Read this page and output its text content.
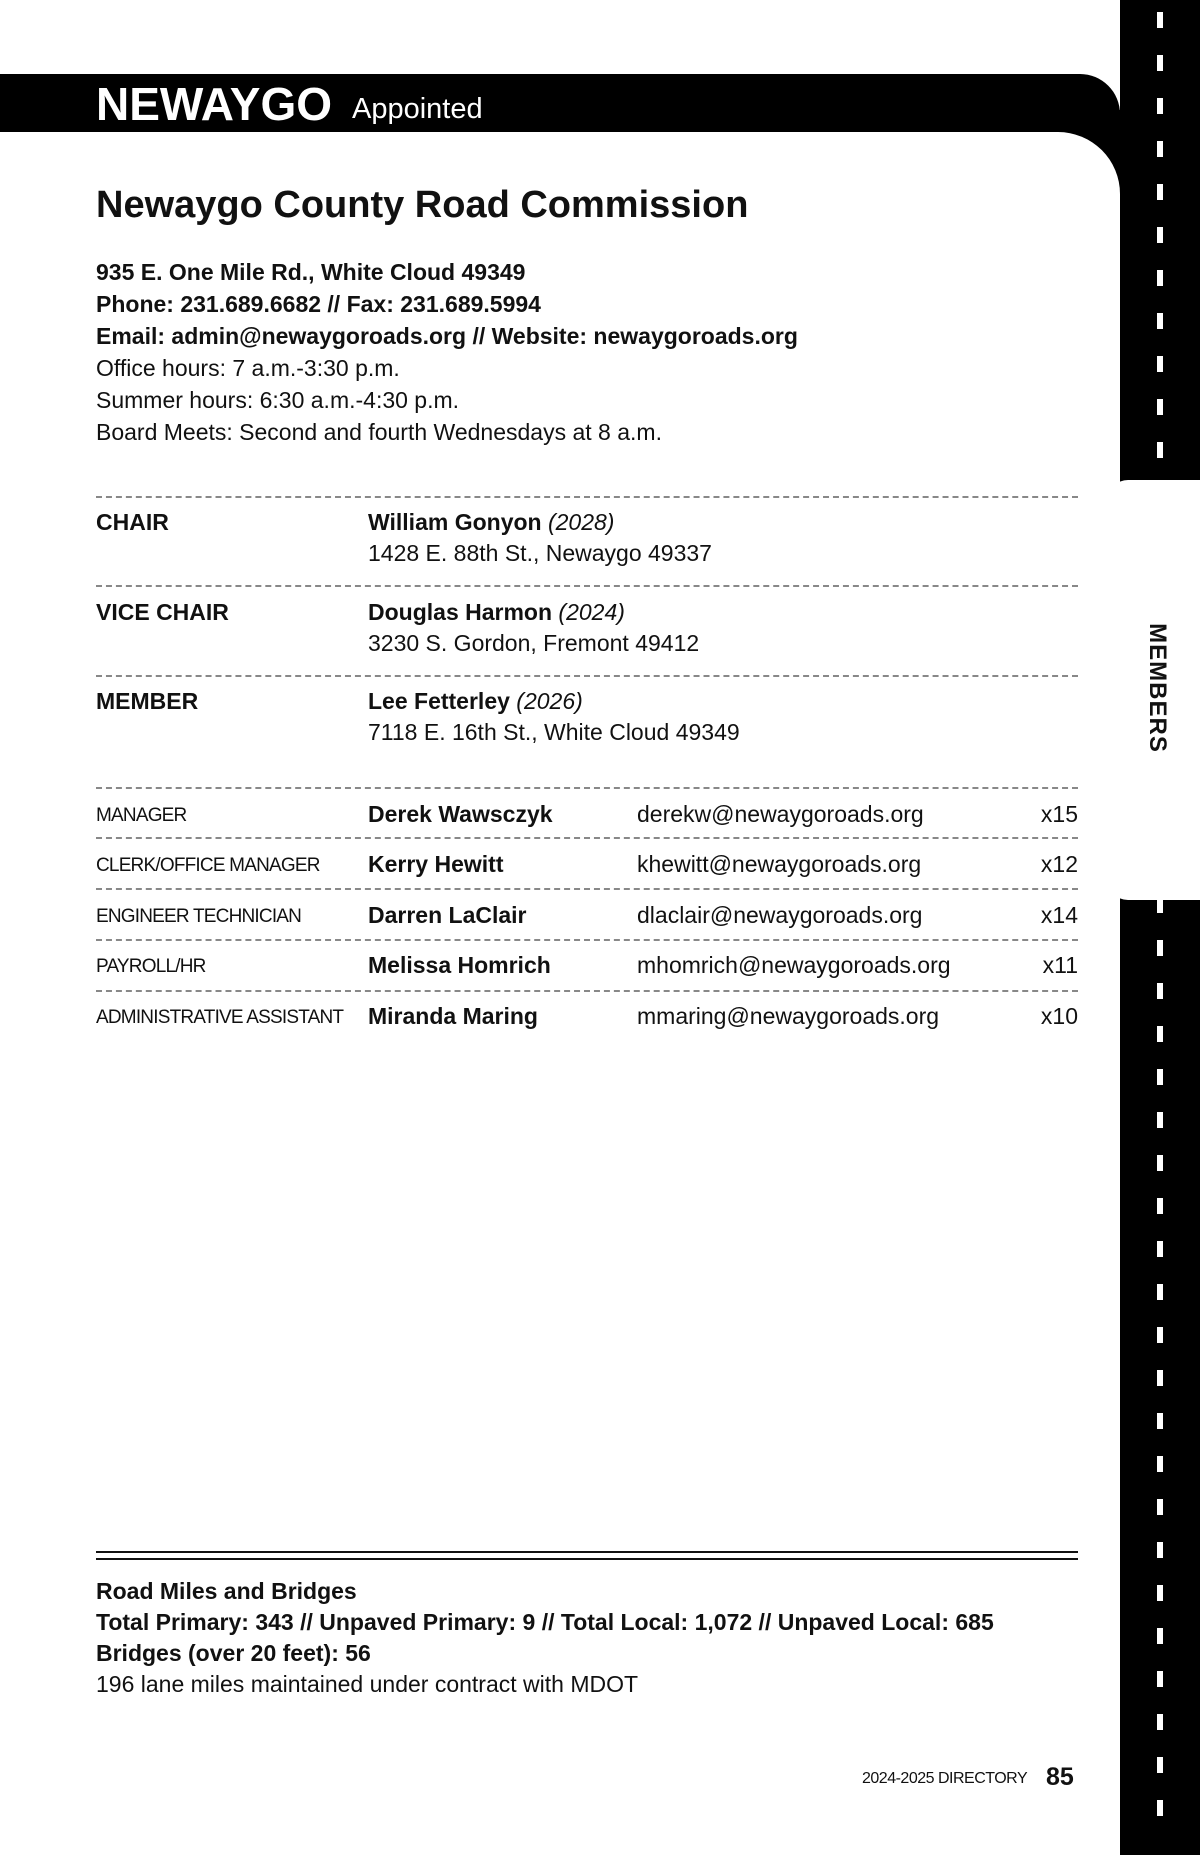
MEMBERS
NEWAYGO Appointed
Newaygo County Road Commission
935 E. One Mile Rd., White Cloud 49349
Phone: 231.689.6682 // Fax: 231.689.5994
Email: admin@newaygoroads.org // Website: newaygoroads.org
Office hours: 7 a.m.-3:30 p.m.
Summer hours: 6:30 a.m.-4:30 p.m.
Board Meets: Second and fourth Wednesdays at 8 a.m.
CHAIR	William Gonyon (2028)
1428 E. 88th St., Newaygo 49337
VICE CHAIR	Douglas Harmon (2024)
3230 S. Gordon, Fremont 49412
MEMBER	Lee Fetterley (2026)
7118 E. 16th St., White Cloud 49349
MANAGER	Derek Wawsczyk	derekw@newaygoroads.org	x15
CLERK/OFFICE MANAGER Kerry Hewitt	khewitt@newaygoroads.org	x12
ENGINEER TECHNICIAN	Darren LaClair	dlaclair@newaygoroads.org	x14
PAYROLL/HR	Melissa Homrich	mhomrich@newaygoroads.org	x11
ADMINISTRATIVE ASSISTANT Miranda Maring	mmaring@newaygoroads.org	x10
Road Miles and Bridges
Total Primary: 343 // Unpaved Primary: 9 // Total Local: 1,072 // Unpaved Local: 685
Bridges (over 20 feet): 56
196 lane miles maintained under contract with MDOT
2024-2025 DIRECTORY 85
